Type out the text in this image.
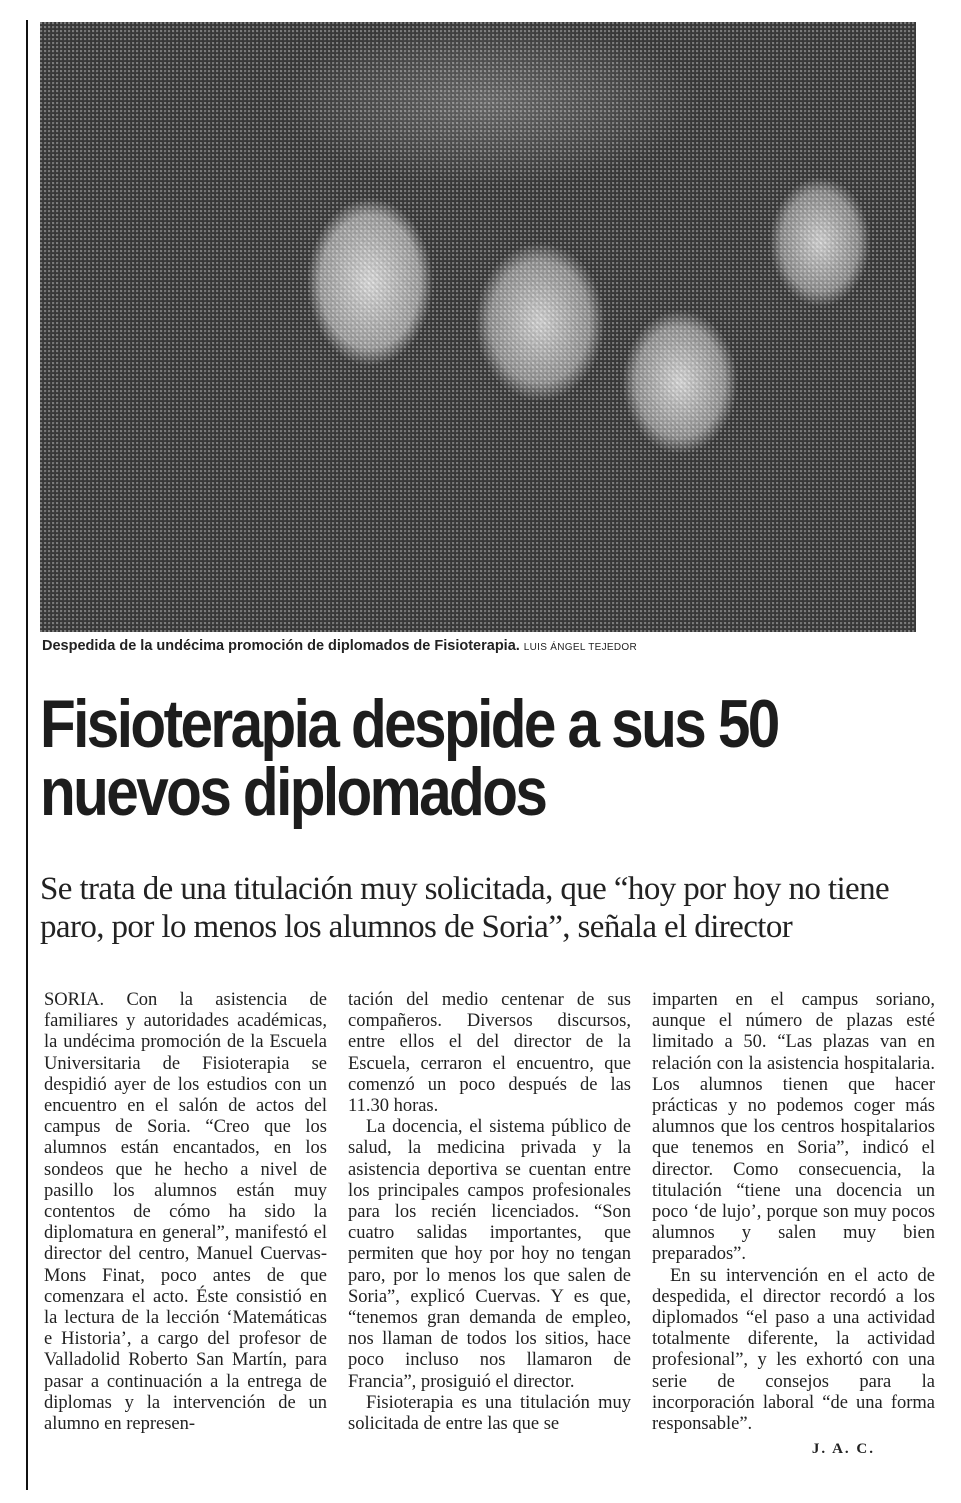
Despedida de la undécima promoción de diplomados de Fisioterapia. LUIS ÁNGEL TEJEDOR
Fisioterapia despide a sus 50 nuevos diplomados

Se trata de una titulación muy solicitada, que “hoy por hoy no tiene paro, por lo menos los alumnos de Soria”, señala el director

SORIA. Con la asistencia de familiares y autoridades académicas, la undécima promoción de la Escuela Universitaria de Fisioterapia se despidió ayer de los estudios con un encuentro en el salón de actos del campus de Soria. “Creo que los alumnos están encantados, en los sondeos que he hecho a nivel de pasillo los alumnos están muy contentos de cómo ha sido la diplomatura en general”, manifestó el director del centro, Manuel Cuervas-Mons Finat, poco antes de que comenzara el acto. Éste consistió en la lectura de la lección ‘Matemáticas e Historia’, a cargo del profesor de Valladolid Roberto San Martín, para pasar a continuación a la entrega de diplomas y la intervención de un alumno en represen-

tación del medio centenar de sus compañeros. Diversos discursos, entre ellos el del director de la Escuela, cerraron el encuentro, que comenzó un poco después de las 11.30 horas.

La docencia, el sistema público de salud, la medicina privada y la asistencia deportiva se cuentan entre los principales campos profesionales para los recién licenciados. “Son cuatro salidas importantes, que permiten que hoy por hoy no tengan paro, por lo menos los que salen de Soria”, explicó Cuervas. Y es que, “tenemos gran demanda de empleo, nos llaman de todos los sitios, hace poco incluso nos llamaron de Francia”, prosiguió el director.

Fisioterapia es una titulación muy solicitada de entre las que se

imparten en el campus soriano, aunque el número de plazas esté limitado a 50. “Las plazas van en relación con la asistencia hospitalaria. Los alumnos tienen que hacer prácticas y no podemos coger más alumnos que los centros hospitalarios que tenemos en Soria”, indicó el director. Como consecuencia, la titulación “tiene una docencia un poco ‘de lujo’, porque son muy pocos alumnos y salen muy bien preparados”.

En su intervención en el acto de despedida, el director recordó a los diplomados “el paso a una actividad totalmente diferente, la actividad profesional”, y les exhortó con una serie de consejos para la incorporación laboral “de una forma responsable”.

J. A. C.
